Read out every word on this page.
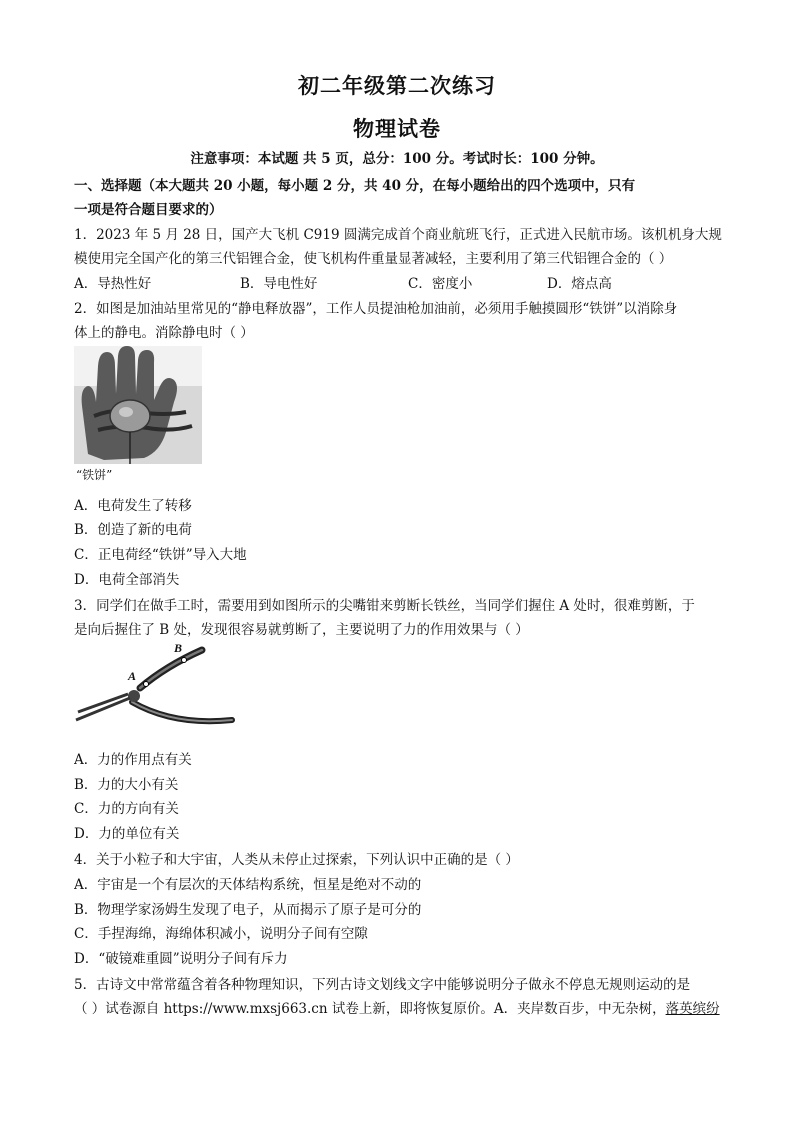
初二年级第二次练习
物理试卷
注意事项：本试题 共 5 页，总分：100 分。考试时长：100 分钟。
一、选择题（本大题共 20 小题，每小题 2 分，共 40 分，在每小题给出的四个选项中，只有
一项是符合题目要求的）
1．2023 年 5 月 28 日，国产大飞机 C919 圆满完成首个商业航班飞行，正式进入民航市场。该机机身大规
模使用完全国产化的第三代铝锂合金，使飞机构件重量显著减轻，主要利用了第三代铝锂合金的（ ）
A．导热性好	B．导电性好	C．密度小	D．熔点高
2．如图是加油站里常见的“静电释放器”，工作人员提油枪加油前，必须用手触摸圆形“铁饼”以消除身
体上的静电。消除静电时（ ）
“铁饼”
A．电荷发生了转移
B．创造了新的电荷
C．正电荷经“铁饼”导入大地
D．电荷全部消失
3．同学们在做手工时，需要用到如图所示的尖嘴钳来剪断长铁丝，当同学们握住 A 处时，很难剪断，于
是向后握住了 B 处，发现很容易就剪断了，主要说明了力的作用效果与（ ）
A
B
A．力的作用点有关
B．力的大小有关
C．力的方向有关
D．力的单位有关
4．关于小粒子和大宇宙，人类从未停止过探索，下列认识中正确的是（ ）
A．宇宙是一个有层次的天体结构系统，恒星是绝对不动的
B．物理学家汤姆生发现了电子，从而揭示了原子是可分的
C．手捏海绵，海绵体积减小，说明分子间有空隙
D．“破镜难重圆”说明分子间有斥力
5．古诗文中常常蕴含着各种物理知识，下列古诗文划线文字中能够说明分子做永不停息无规则运动的是
（ ）试卷源自 https://www.mxsj663.cn 试卷上新，即将恢复原价。A．夹岸数百步，中无杂树，落英缤纷
